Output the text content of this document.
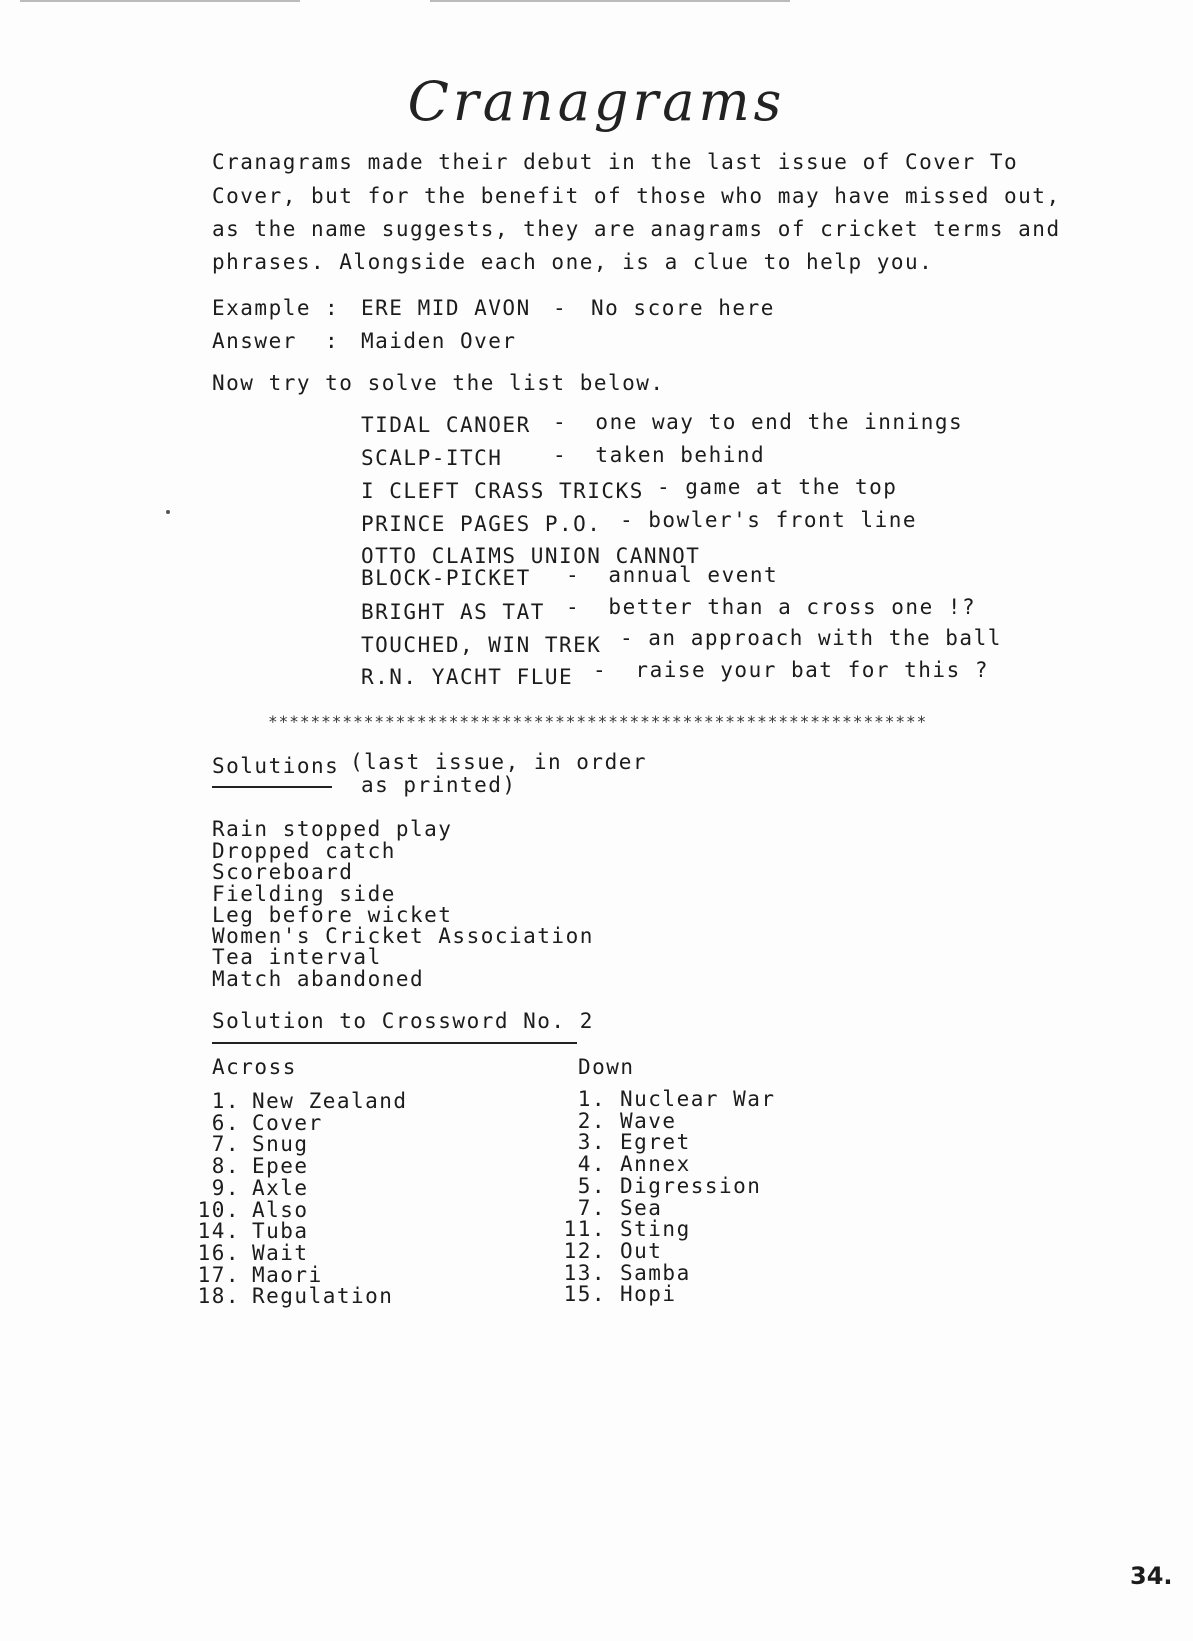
Cranagrams
Cranagrams made their debut in the last issue of Cover To
Cover, but for the benefit of those who may have missed out,
as the name suggests, they are anagrams of cricket terms and
phrases. Alongside each one, is a clue to help you.
Example : ERE MID AVON - No score here
Answer : Maiden Over
Now try to solve the list below.
TIDAL CANOER -  one way to end the innings
SCALP-ITCH -  taken behind
I CLEFT CRASS TRICKS - game at the top
PRINCE PAGES P.O. - bowler's front line
OTTO CLAIMS UNION CANNOT
BLOCK-PICKET -  annual event
BRIGHT AS TAT -  better than a cross one !?
TOUCHED, WIN TREK - an approach with the ball
R.N. YACHT FLUE -  raise your bat for this ?
**************************************************************
Solutions (last issue, in order
as printed)
Rain stopped play
Dropped catch
Scoreboard
Fielding side
Leg before wicket
Women's Cricket Association
Tea interval
Match abandoned
Solution to Crossword No. 2
Across	Down
1. New Zealand
6. Cover
7. Snug
8. Epee
9. Axle
10. Also
14. Tuba
16. Wait
17. Maori
18. Regulation
1. Nuclear War
2. Wave
3. Egret
4. Annex
5. Digression
7. Sea
11. Sting
12. Out
13. Samba
15. Hopi
34.
